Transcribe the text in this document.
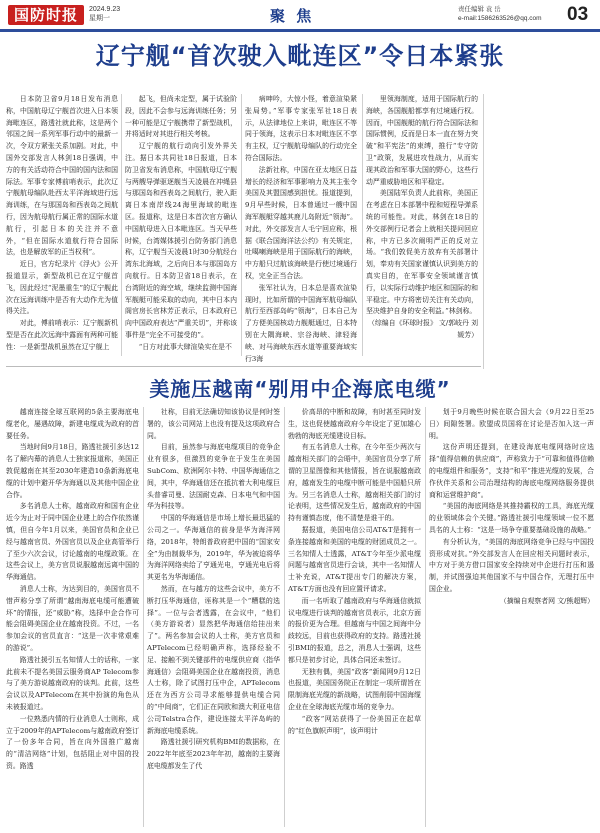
国防时报	2024.9.23
星期一	聚 焦	责任编辑 袁 岳
e-mail:1586263526@qq.com 03
辽宁舰“首次驶入毗连区”令日本紧张

日本防卫省9月18日发布消息称，中国航母辽宁舰首次进入日本领海毗连区，路透社就此称，这是两个邻国之间一系列军事行动中的最新一次，令双方紧张关系加剧。对此，中国外交部发言人林剑18日强调，中方的有关活动符合中国的国内法和国际法。军事专家傅前哨表示，此次辽宁舰航母编队赴西太平洋海域进行远海训练，在与那国岛和西表岛之间航行，因为航母航行属正常的国际水道航行，引起日本的关注并不意外，“但在国际水道航行符合国际法，也是解放军的正当权利”。

近日，官方纪录片《浮火》公开报道显示，新型战机已在辽宁舰首飞，因此经过“泥墨重生”的辽宁舰此次在远海训练中是否有大动作尤为值得关注。

对此，傅前哨表示：辽宁舰新机型是否在此次远海中露面有两种可能性：一是新型战机虽然在辽宁舰上

起飞，但尚未定型，属于试验阶段，因此不会参与远海训练任务；另一种可能是辽宁舰携带了新型战机，并将适时对其进行相关考核。

辽宁舰的航行动向引发外界关注。据日本共同社18日报道，日本防卫省发布消息称，中国航母辽宁舰与两艘导弹驱逐舰当天凌晨在冲绳县与那国岛和西表岛之间航行，驶入距离日本南岸线24海里海域的毗连区。报道称，这是日本首次官方确认中国航母进入日本毗连区。当天早些时候，台湾媒体援引台防务部门消息称，辽宁舰当天凌晨1时30分航经台湾东北海域，之后向日本与那国岛方向航行。日本防卫省18日表示，在台湾附近的海空域，继续监测中国海军舰艇可能采取的动向，其中日本内阁官房长官林芳正表示，日本政府已向中国政府表达“严重关切”，并称该事件是“完全不可接受的”。

“日方对此事大肆渲染实在是不

病呻吟，大惊小怪，着意渲染紧张局势。”军事专家张军社18日表示，从法律地位上来讲，毗连区不等同于领海，这表示日本对毗连区不享有主权，辽宁舰航母编队的行动完全符合国际法。

法新社称，中国在亚太地区日益增长的经济和军事影响力及其主张令美国及其盟国感到担忧。报道提到，9月早些时候，日本曾通过一艘中国海军舰艇穿越其鹿儿岛附近“领海”。对此，外交部发言人毛宁回应称，根据《联合国海洋法公约》有关规定，吐噶喇海峡是用于国际航行的海峡，中方船只过航该海峡是行使过境通行权，完全正当合法。

张军社认为，日本总是喜欢渲染现时，比如所谓的中国海军航母编队航行至西部岛屿“领海”，日本自己为了方便美国核动力舰艇通过，日本特别在大隅海峡、宗谷海峡、津轻海峡、对马海峡东西水道等重要海域实行3海

里领海制度，适用于国际航行的海峡，各国舰船都享有过境通行权。因而，中国舰艇的航行符合国际法和国际惯例，反而是日本一直在努力突破“和平宪法”的束缚，推行“专守防卫”政策，发展进攻性战力，从而实现其政治和军事大国的野心，这些行动严重威胁地区和平稳定。

美国陆军负责人此前称，美国正在考虑在日本部署中程和短程导弹系统的可能性。对此，林剑在18日的外交部例行记者会上就相关提问回应称，中方已多次阐明严正的反对立场。“我们敦促美方放弃有关部署计划，奉劝有关国家谨慎认识到美方的真实目的，在军事安全领域谨言慎行，以实际行动维护地区和国际的和平稳定。中方将密切关注有关动向，坚决维护自身的安全利益。”林剑称。

（综编自《环球时报》 文/郭岐丹 刘媛芳）

美施压越南“别用中企海底电缆”

越南连接全球互联网的5条主要海底电缆老化，屡遇故障，新建电缆成为政府的首要任务。

当地时间9月18日，路透社援引多达12名了解内幕的消息人士独家报道称，美国正敦促越南在其至2030年建造10条新海底电缆的计划中避开华为海通以及其他中国企业合作。

多名消息人士称，越南政府和国有企业近今为止对于同中国企业建上的合作依然谨慎，但自今年1月以来，美国官员和企业已经与越南官员、外国官员以及企业高管举行了至少六次会议，讨论越南的电缆政策。在这些会议上，美方官员说服越南远离中国的华海通信。

消息人士称，为达到目的，美国官员不惜声称分享了所谓“越南海底电缆可能遭破坏”的情报，还“威胁”称，选择中企合作可能会阻碍美国企业在越南投资。不过，一名参加会议的官员直言：“这是一次非常艰难的游说”。

路透社援引五名知情人士的话称，一家此前未不提名美国云服务商AP Telecom参与了美方游说越南政府的谈判。此前，这些会议以及APTelecom在其中扮演的角色从未被报道过。

一位熟悉内情的行业消息人士则称，成立于2009年的APTelecom与越南政府签订了一份多年合同，旨在向外国推广越南的“清洁网络”计划，包括阻止对中国的投资。路透

社称，目前无法确切知该协议是何时签署的，该公司网站上也没有提及这项政府合同。

目前，虽然参与海底电缆项目的竞争企业有很多，但激烈的竞争在于发生在美国SubCom、欧洲阿尔卡特、中国华海通信之间，其中，华海通信还在抵抗着大利电缆巨头普睿司曼、法国耐克森、日本电气和中国华为科技等。

中国的华海通信是市场上增长最迅猛的公司之一。华海通信的前身是华为海洋网络，2018年，特朗普政府把中国的“国家安全”为由制裁华为，2019年，华为被迫将华为海洋网络卖给了亨通光电，亨通光电后将其更名为华海通信。

然而，在与越方的这些会议中，美方不断打压华海通信，诬称其是一个“糟糕的选择”。一位与会者透露，在会议中，“他们（美方游说者）显然把华海通信给挂出来了”。两名参加会议的人士称，美方官员和APTelecom已经明确声称，选择经验不足、接触不到关键部件的电缆供应商（指华海通信）会阻碍美国企业在越南投资，消息人士称，除了试图打压中企，APTelecom还在为西方公司寻求能够提供电缆合同的“中间商”，它们正在同欧和澳大利亚电信公司Telstra合作，建设连接太平洋岛屿的新海底电缆系统。

路透社援引研究机构BMI的数据称，在2022年年底至2023年年初，越南的主要海底电缆都发生了代

价高昂的中断和故障，有时甚至同时发生，这也促使越南政府今年设定了更加雄心勃勃的海底光缆建设目标。

有五名消息人士称，在今年至少两次与越南相关部门的会晤中，美国官员分享了所谓的卫星图像和其他情报，旨在说服越南政府，越南发生的电缆中断可能是中国船只所为。另三名消息人士称，越南相关部门的讨论表明，这些情况发生后，越南政府的中国持有谨慎态度，他不清楚是谁干的。

据报道，美国电信公司AT&T是拥有一条连接越南和美国的电缆的财团成员之一。三名知情人士透露，AT&T今年至少派电缆问题与越南官员进行会谈，其中一名知情人士补充说，AT&T提出专门的解决方案，AT&T方面也没有回应置评请求。

而一名听取了越南政府与华海通信就拟议电缆进行谈判的越南官员表示，北京方面的报价更为合理。但越南与中国之间海中分歧较远，目前也获得政府的支持。路透社援引BMI的报道，总之，消息人士强调，这些都只是初步讨论，具体合同还未签订。

无独有偶，美国“政客”新闻网9月12日也报道，美国国务院正在制定一项所谓旨在限制海底光缆的新战略，试图削弱中国海缆企业在全球海底光缆市场的竞争力。

“政客”网站获得了一份美国正在起草的“红色旗帜声明”，该声明计

划于9月晚些时候在联合国大会（9月22日至25日）间隙签署。欧盟成员国将在讨论是否加入这一声明。

这份声明还提到，在建设海底电缆网络时应选择“值得信赖的供应商”，声称致力于“可靠和值得信赖的电缆组件和服务”，支持“和平”推进光缆的发展，合作伙伴关系和公司治理结构的海底电缆网络服务提供商和运营维护商”。

“美国的海底网络是其推持霸权的工具，海底光缆的业领域体会个关键。”路透社援引电缆领域一位不愿具名的人士称：“这是一场争夺重要基础设施的战略。”

有分析认为，“美国的海底网络竞争已经与中国投资形成对抗。”外交部发言人在回应相关问题时表示，中方对于美方借口国家安全持续对中企进行打压和遏制，并试图强迫其他国家不与中国合作，无理打压中国企业。

（摘编自观察者网 文/熊超辉）
